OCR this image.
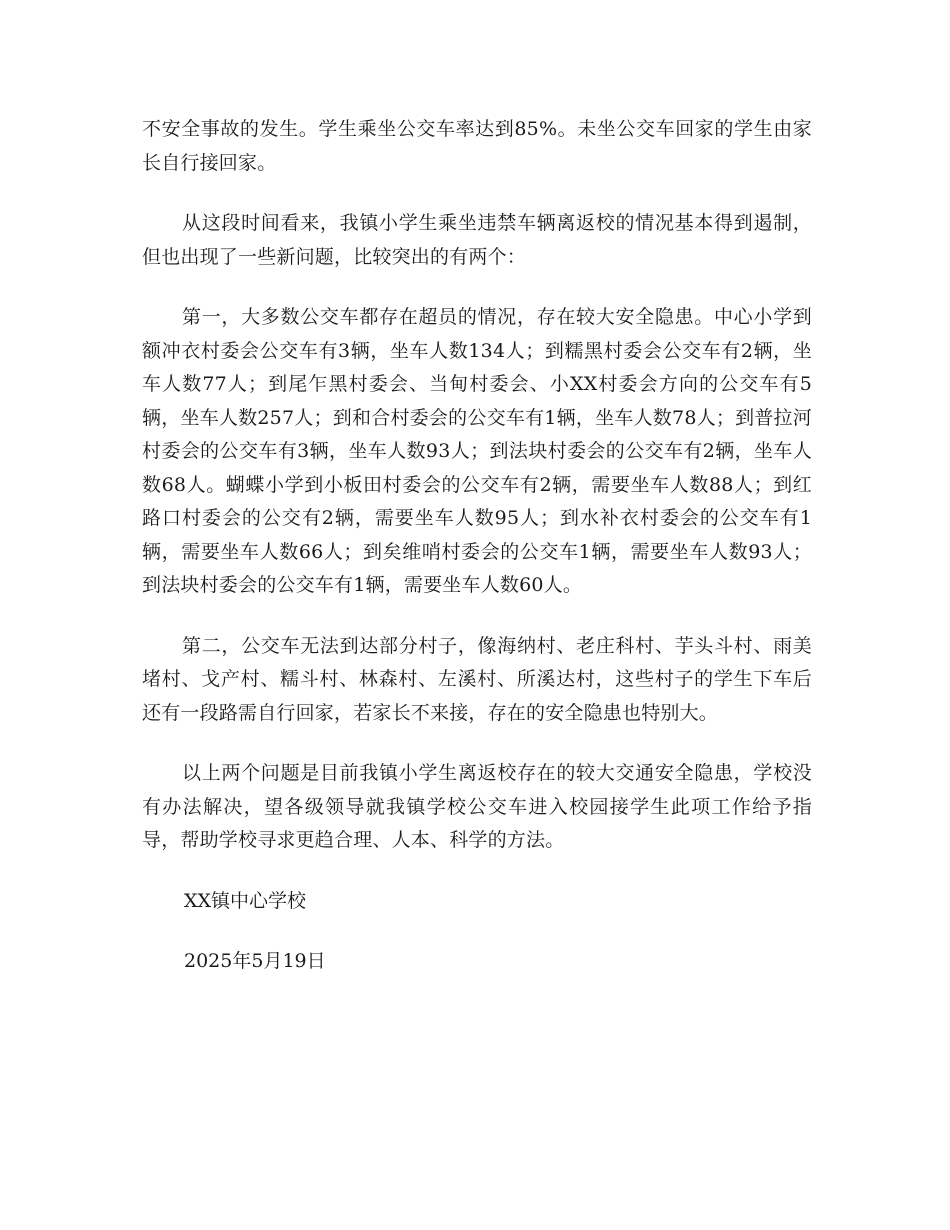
不安全事故的发生。学生乘坐公交车率达到85%。未坐公交车回家的学生由家长自行接回家。

从这段时间看来，我镇小学生乘坐违禁车辆离返校的情况基本得到遏制，但也出现了一些新问题，比较突出的有两个：

第一，大多数公交车都存在超员的情况，存在较大安全隐患。中心小学到额冲衣村委会公交车有3辆，坐车人数134人；到糯黑村委会公交车有2辆，坐车人数77人；到尾乍黑村委会、当甸村委会、小XX村委会方向的公交车有5辆，坐车人数257人；到和合村委会的公交车有1辆，坐车人数78人；到普拉河村委会的公交车有3辆，坐车人数93人；到法块村委会的公交车有2辆，坐车人数68人。蝴蝶小学到小板田村委会的公交车有2辆，需要坐车人数88人；到红路口村委会的公交有2辆，需要坐车人数95人；到水补衣村委会的公交车有1辆，需要坐车人数66人；到矣维哨村委会的公交车1辆，需要坐车人数93人；到法块村委会的公交车有1辆，需要坐车人数60人。

第二，公交车无法到达部分村子，像海纳村、老庄科村、芋头斗村、雨美堵村、戈产村、糯斗村、林森村、左溪村、所溪达村，这些村子的学生下车后还有一段路需自行回家，若家长不来接，存在的安全隐患也特别大。

以上两个问题是目前我镇小学生离返校存在的较大交通安全隐患，学校没有办法解决，望各级领导就我镇学校公交车进入校园接学生此项工作给予指导，帮助学校寻求更趋合理、人本、科学的方法。

XX镇中心学校

2025年5月19日
